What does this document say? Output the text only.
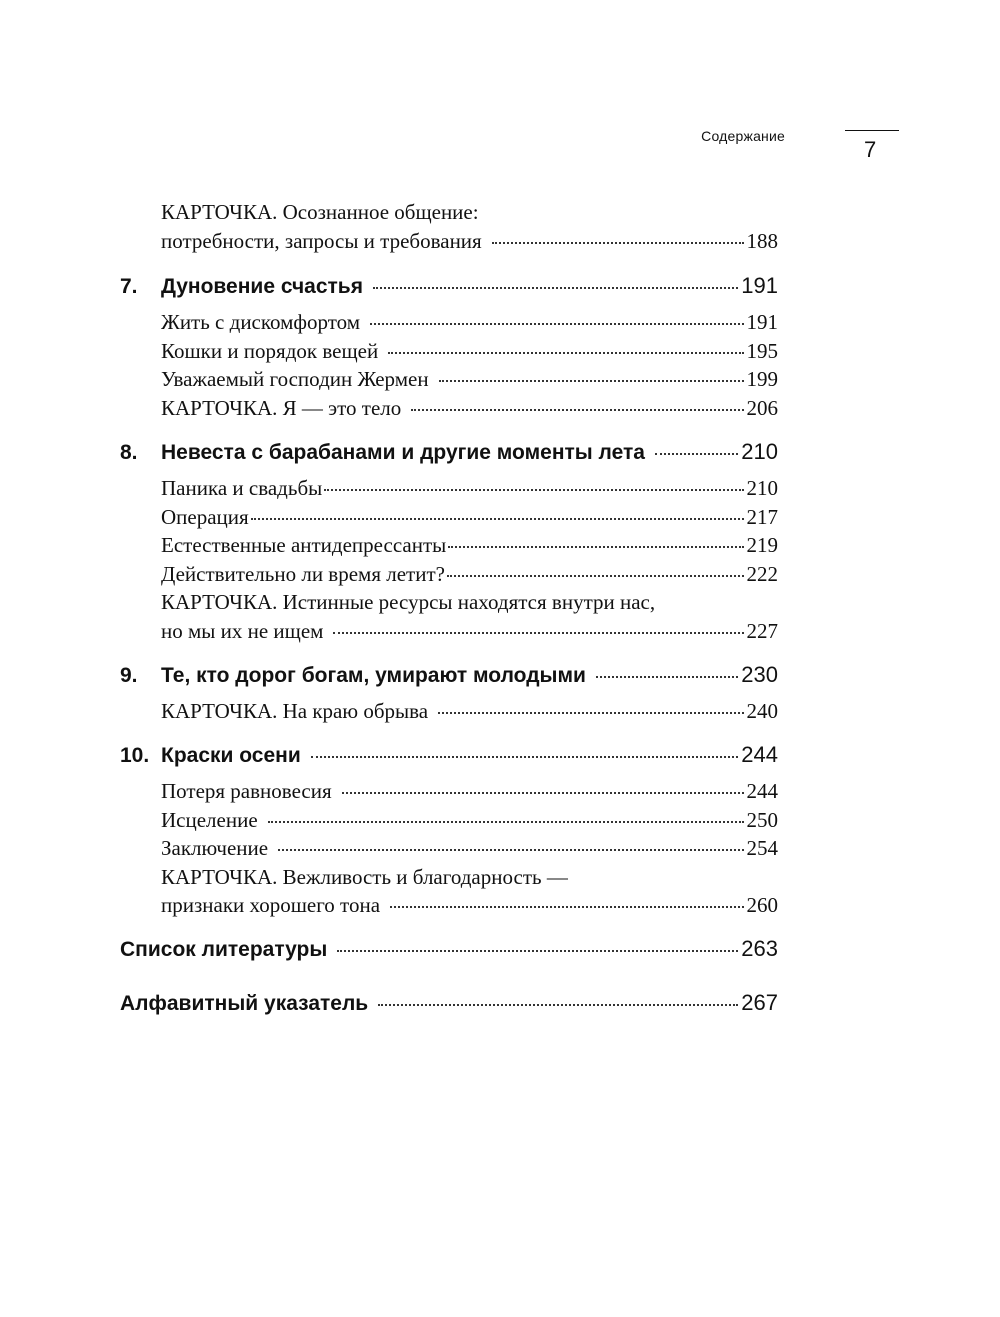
Содержание
7
КАРТОЧКА. Осознанное общение:
потребности, запросы и требования	188
7.	Дуновение счастья	191
Жить с дискомфортом	191
Кошки и порядок вещей	195
Уважаемый господин Жермен	199
КАРТОЧКА. Я — это тело	206
8.	Невеста с барабанами и другие моменты лета	210
Паника и свадьбы	210
Операция	217
Естественные антидепрессанты	219
Действительно ли время летит?	222
КАРТОЧКА. Истинные ресурсы находятся внутри нас,
но мы их не ищем	227
9.	Те, кто дорог богам, умирают молодыми	230
КАРТОЧКА. На краю обрыва	240
10. Краски осени	244
Потеря равновесия	244
Исцеление	250
Заключение	254
КАРТОЧКА. Вежливость и благодарность —
признаки хорошего тона	260
Список литературы	263
Алфавитный указатель	267
